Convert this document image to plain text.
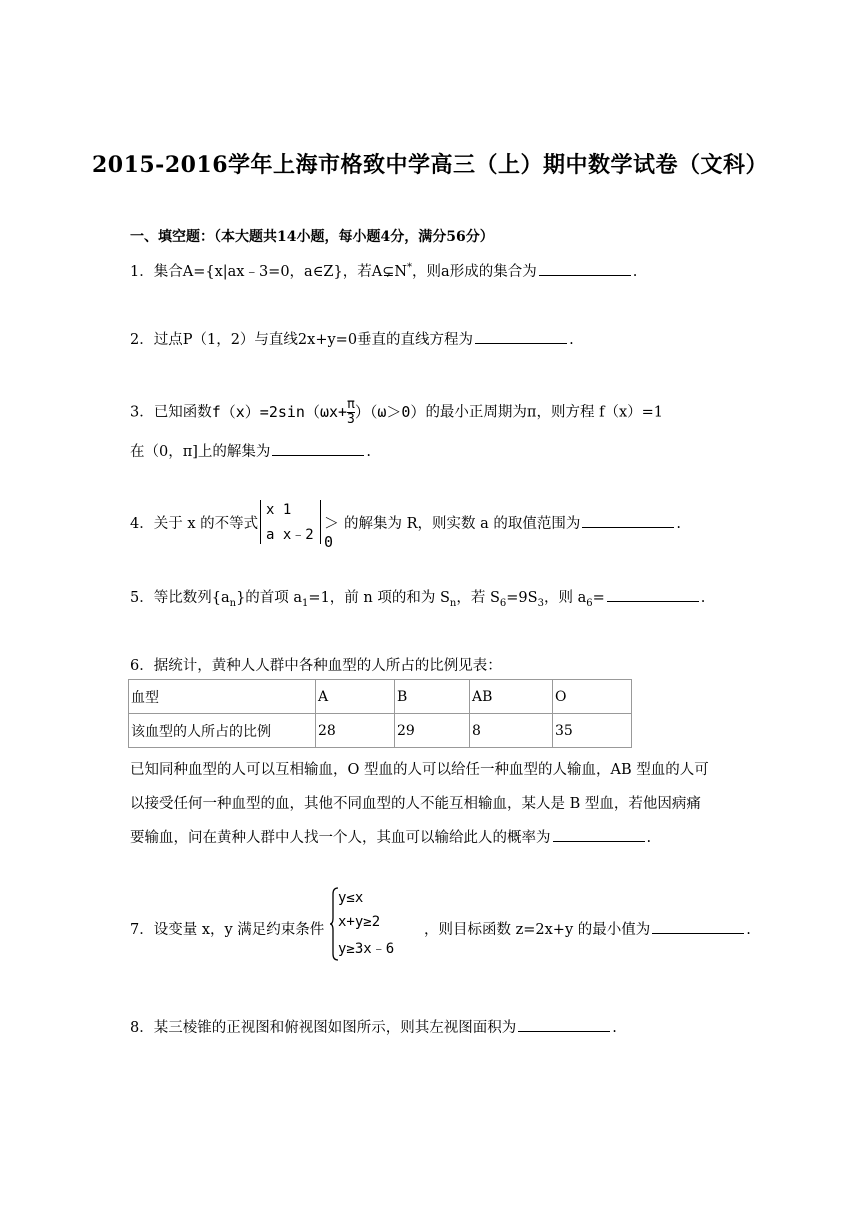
2015-2016学年上海市格致中学高三（上）期中数学试卷（文科）
一、填空题：（本大题共14小题，每小题4分，满分56分）
1．集合A={x|ax﹣3=0，a∈Z}，若A⊊N*，则a形成的集合为	.
2．过点P（1，2）与直线2x+y=0垂直的直线方程为	.
3．已知函数$f(x)=2\sin(\omega x+ \frac{\pi}{3} )(\omega>0)$的最小正周期为π，则方程 f（x）=1
在（0，π]上的解集为	.
4．关于 x 的不等式
x 1
a x﹣2
＞0
的解集为 R，则实数 a 的取值范围为	.
5．等比数列$\{a_n\}$的首项 $a_1=1$，前 n 项的和为 $S_n$，若 $S_6=9S_3$，则 $a_6=$	.
6．据统计，黄种人人群中各种血型的人所占的比例见表：
血型	A	B	AB	O
该血型的人所占的比例	28	29	8	35
已知同种血型的人可以互相输血，O 型血的人可以给任一种血型的人输血，AB 型血的人可
以接受任何一种血型的血，其他不同血型的人不能互相输血，某人是 B 型血，若他因病痛
要输血，问在黄种人群中人找一个人，其血可以输给此人的概率为	.
7．设变量 x，y 满足约束条件
y≤x
x+y≥2
y≥3x﹣6
，则目标函数 z=2x+y 的最小值为	.
8．某三棱锥的正视图和俯视图如图所示，则其左视图面积为	.
